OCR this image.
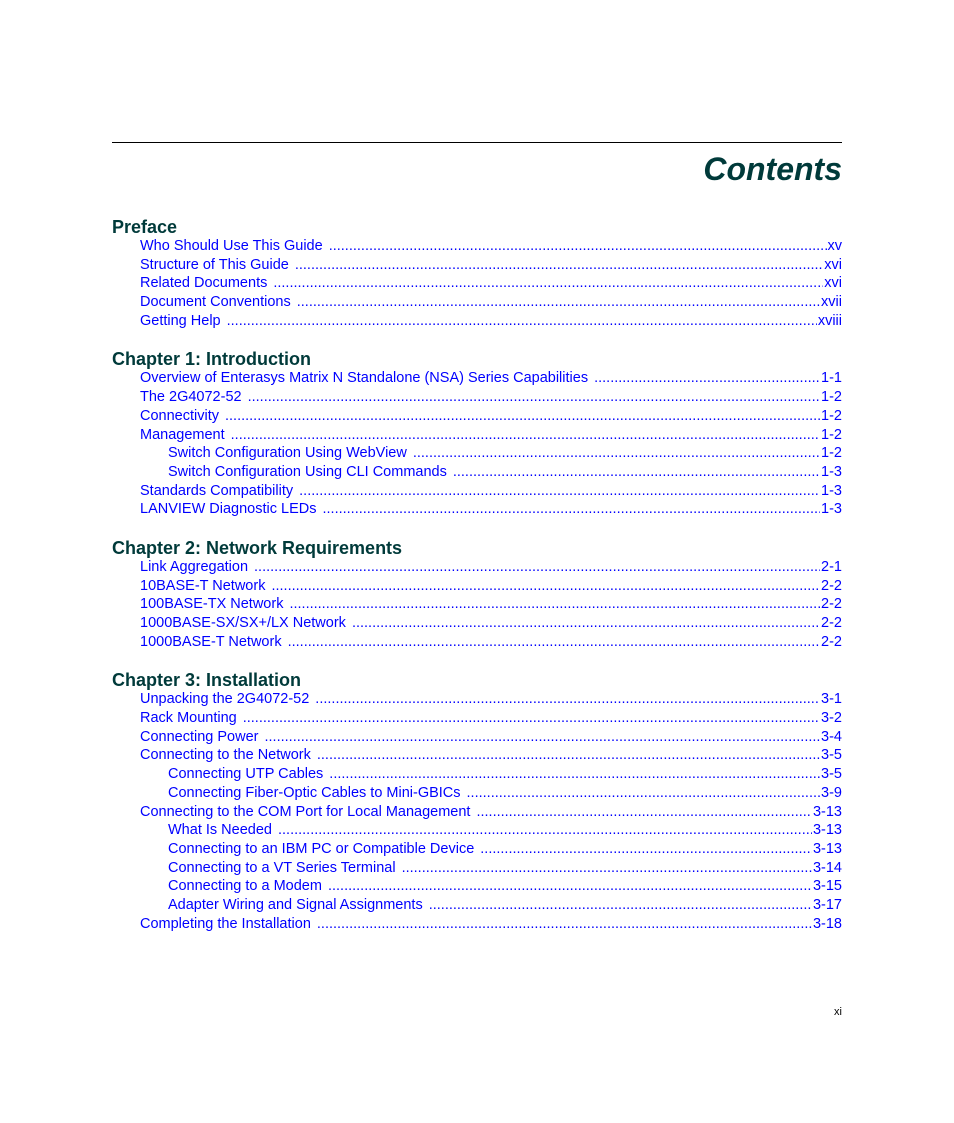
Contents
Preface
Who Should Use This Guide .....	xv
Structure of This Guide .....	xvi
Related Documents .....	xvi
Document Conventions .....	xvii
Getting Help .....	xviii
Chapter 1: Introduction
Overview of Enterasys Matrix N Standalone (NSA) Series Capabilities .....	1-1
The 2G4072-52 .....	1-2
Connectivity .....	1-2
Management .....	1-2
Switch Configuration Using WebView .....	1-2
Switch Configuration Using CLI Commands .....	1-3
Standards Compatibility .....	1-3
LANVIEW Diagnostic LEDs .....	1-3
Chapter 2: Network Requirements
Link Aggregation .....	2-1
10BASE-T Network .....	2-2
100BASE-TX Network .....	2-2
1000BASE-SX/SX+/LX Network .....	2-2
1000BASE-T Network .....	2-2
Chapter 3: Installation
Unpacking the 2G4072-52 .....	3-1
Rack Mounting .....	3-2
Connecting Power .....	3-4
Connecting to the Network .....	3-5
Connecting UTP Cables .....	3-5
Connecting Fiber-Optic Cables to Mini-GBICs .....	3-9
Connecting to the COM Port for Local Management .....	3-13
What Is Needed .....	3-13
Connecting to an IBM PC or Compatible Device .....	3-13
Connecting to a VT Series Terminal .....	3-14
Connecting to a Modem .....	3-15
Adapter Wiring and Signal Assignments .....	3-17
Completing the Installation .....	3-18
xi
